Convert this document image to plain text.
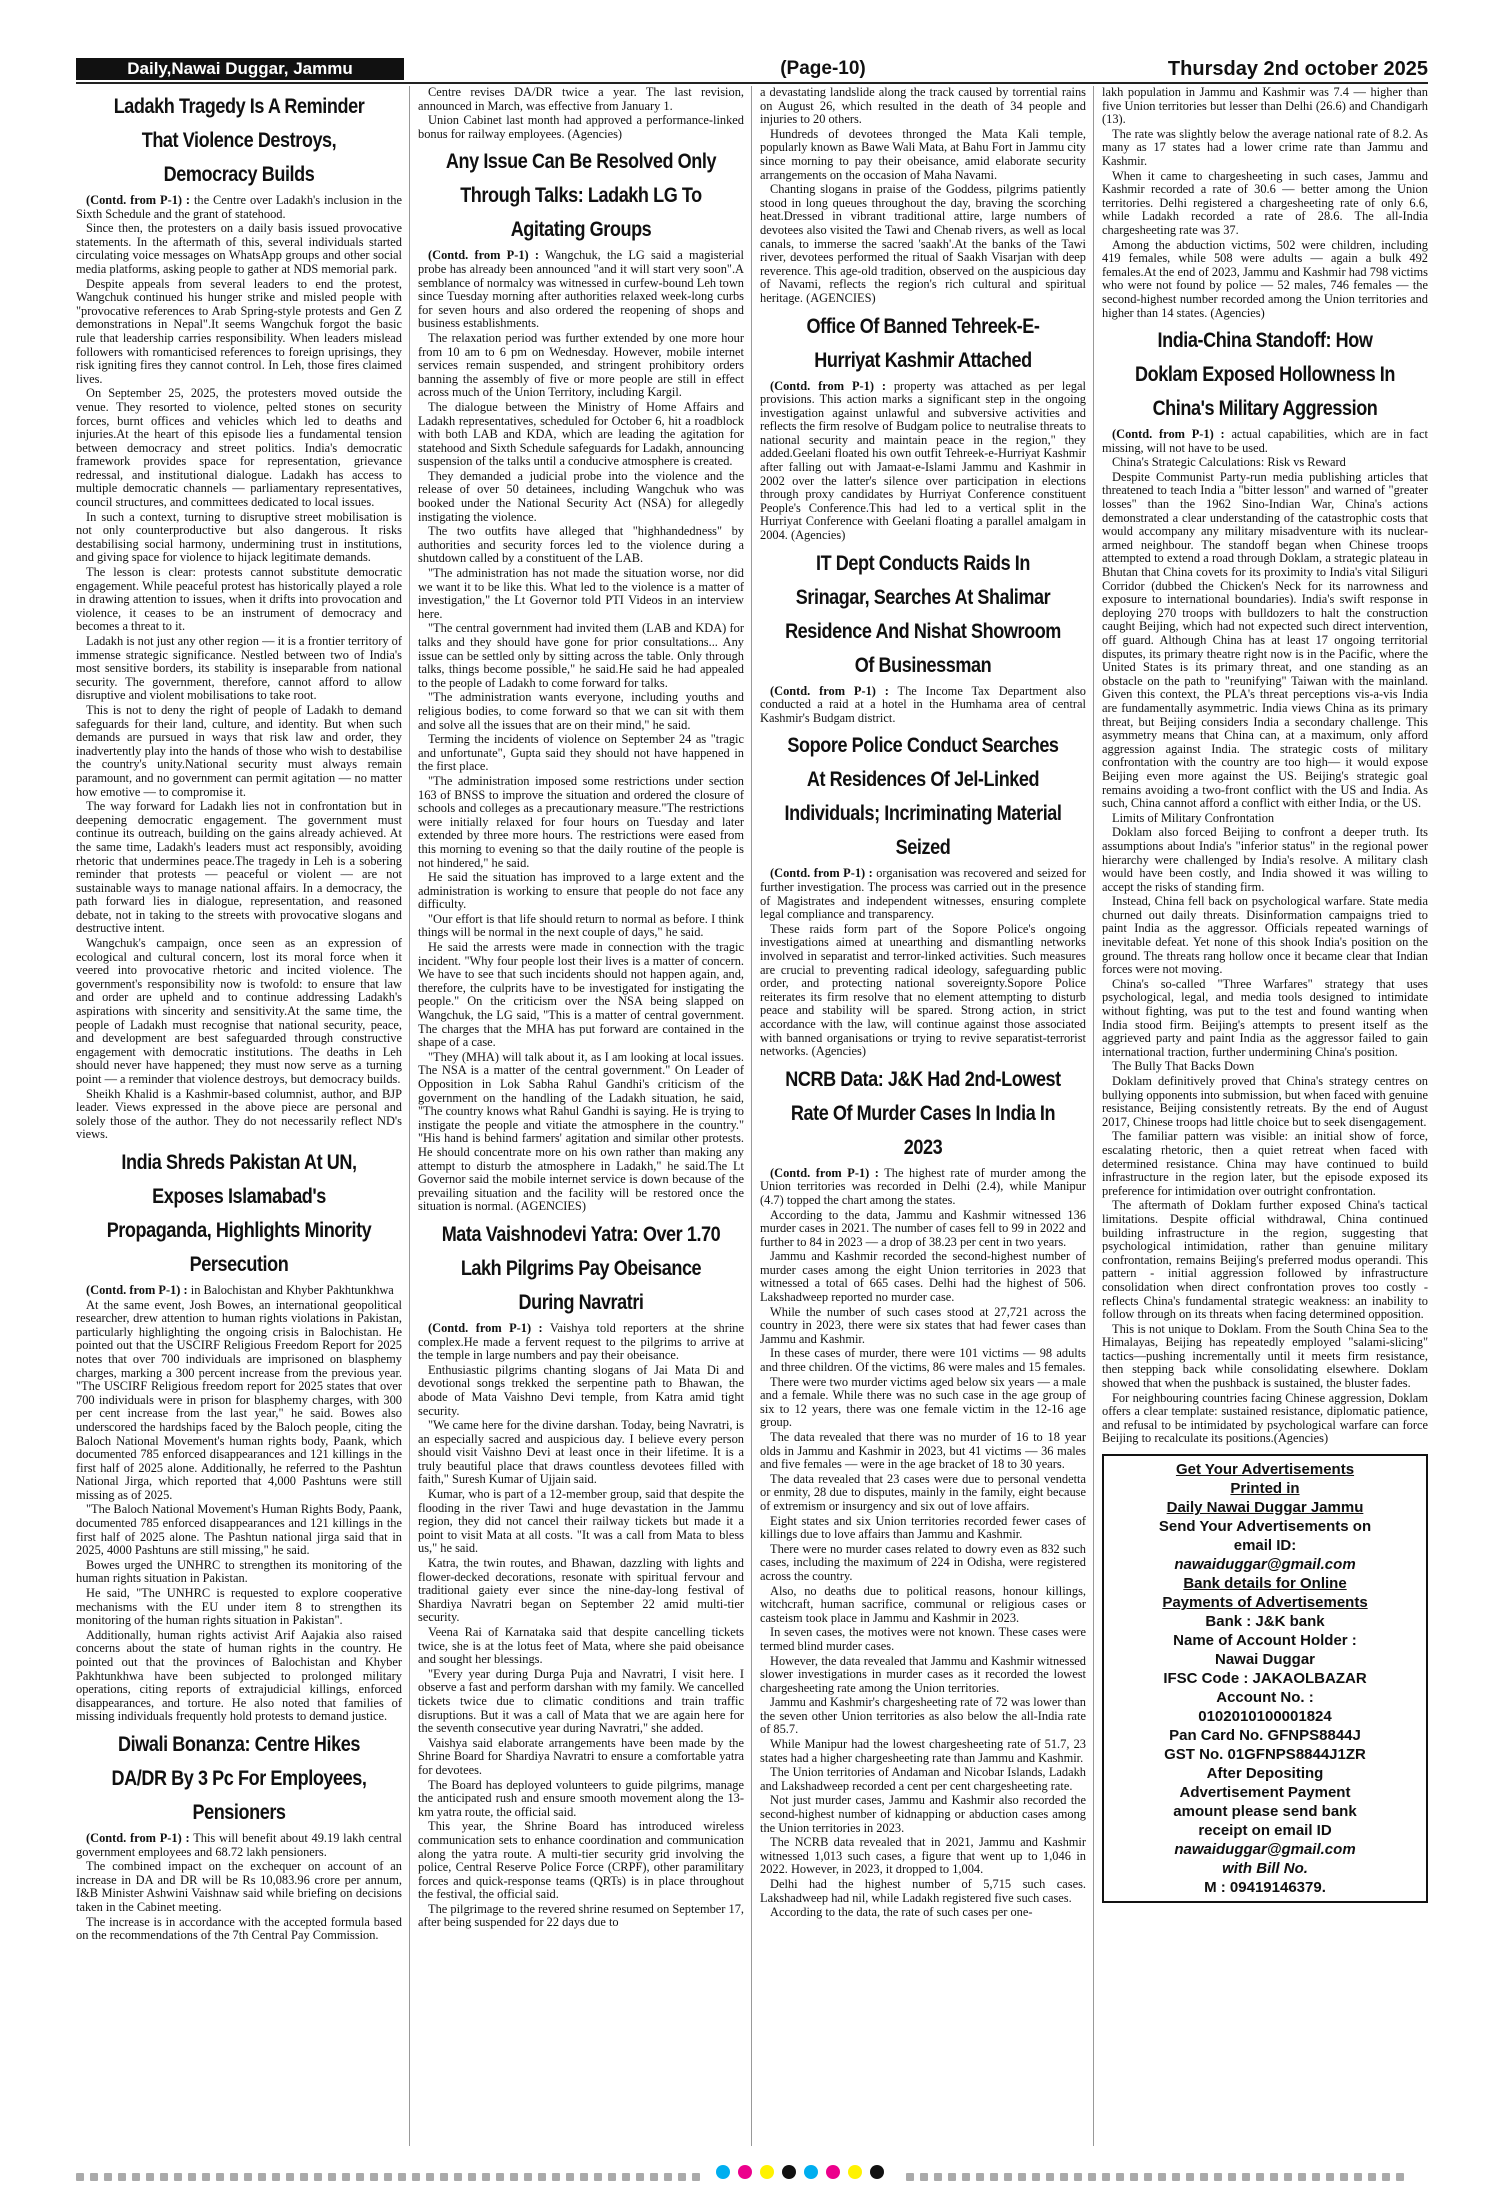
Daily,Nawai Duggar, Jammu	(Page-10)	Thursday 2nd october 2025
Ladakh Tragedy Is A Reminder That Violence Destroys, Democracy Builds

(Contd. from P-1) : the Centre over Ladakh's inclusion in the Sixth Schedule and the grant of statehood.

Since then, the protesters on a daily basis issued provocative statements. In the aftermath of this, several individuals started circulating voice messages on WhatsApp groups and other social media platforms, asking people to gather at NDS memorial park.

Despite appeals from several leaders to end the protest, Wangchuk continued his hunger strike and misled people with "provocative references to Arab Spring-style protests and Gen Z demonstrations in Nepal".It seems Wangchuk forgot the basic rule that leadership carries responsibility. When leaders mislead followers with romanticised references to foreign uprisings, they risk igniting fires they cannot control. In Leh, those fires claimed lives.

On September 25, 2025, the protesters moved outside the venue. They resorted to violence, pelted stones on security forces, burnt offices and vehicles which led to deaths and injuries.At the heart of this episode lies a fundamental tension between democracy and street politics. India's democratic framework provides space for representation, grievance redressal, and institutional dialogue. Ladakh has access to multiple democratic channels — parliamentary representatives, council structures, and committees dedicated to local issues.

In such a context, turning to disruptive street mobilisation is not only counterproductive but also dangerous. It risks destabilising social harmony, undermining trust in institutions, and giving space for violence to hijack legitimate demands.

The lesson is clear: protests cannot substitute democratic engagement. While peaceful protest has historically played a role in drawing attention to issues, when it drifts into provocation and violence, it ceases to be an instrument of democracy and becomes a threat to it.

Ladakh is not just any other region — it is a frontier territory of immense strategic significance. Nestled between two of India's most sensitive borders, its stability is inseparable from national security. The government, therefore, cannot afford to allow disruptive and violent mobilisations to take root.

This is not to deny the right of people of Ladakh to demand safeguards for their land, culture, and identity. But when such demands are pursued in ways that risk law and order, they inadvertently play into the hands of those who wish to destabilise the country's unity.National security must always remain paramount, and no government can permit agitation — no matter how emotive — to compromise it.

The way forward for Ladakh lies not in confrontation but in deepening democratic engagement. The government must continue its outreach, building on the gains already achieved. At the same time, Ladakh's leaders must act responsibly, avoiding rhetoric that undermines peace.The tragedy in Leh is a sobering reminder that protests — peaceful or violent — are not sustainable ways to manage national affairs. In a democracy, the path forward lies in dialogue, representation, and reasoned debate, not in taking to the streets with provocative slogans and destructive intent.

Wangchuk's campaign, once seen as an expression of ecological and cultural concern, lost its moral force when it veered into provocative rhetoric and incited violence. The government's responsibility now is twofold: to ensure that law and order are upheld and to continue addressing Ladakh's aspirations with sincerity and sensitivity.At the same time, the people of Ladakh must recognise that national security, peace, and development are best safeguarded through constructive engagement with democratic institutions. The deaths in Leh should never have happened; they must now serve as a turning point — a reminder that violence destroys, but democracy builds.

Sheikh Khalid is a Kashmir-based columnist, author, and BJP leader. Views expressed in the above piece are personal and solely those of the author. They do not necessarily reflect ND's views.

India Shreds Pakistan At UN, Exposes Islamabad's Propaganda, Highlights Minority Persecution

(Contd. from P-1) : in Balochistan and Khyber Pakhtunkhwa

At the same event, Josh Bowes, an international geopolitical researcher, drew attention to human rights violations in Pakistan, particularly highlighting the ongoing crisis in Balochistan. He pointed out that the USCIRF Religious Freedom Report for 2025 notes that over 700 individuals are imprisoned on blasphemy charges, marking a 300 percent increase from the previous year. "The USCIRF Religious freedom report for 2025 states that over 700 individuals were in prison for blasphemy charges, with 300 per cent increase from the last year," he said. Bowes also underscored the hardships faced by the Baloch people, citing the Baloch National Movement's human rights body, Paank, which documented 785 enforced disappearances and 121 killings in the first half of 2025 alone. Additionally, he referred to the Pashtun National Jirga, which reported that 4,000 Pashtuns were still missing as of 2025.

"The Baloch National Movement's Human Rights Body, Paank, documented 785 enforced disappearances and 121 killings in the first half of 2025 alone. The Pashtun national jirga said that in 2025, 4000 Pashtuns are still missing," he said.

Bowes urged the UNHRC to strengthen its monitoring of the human rights situation in Pakistan.

He said, "The UNHRC is requested to explore cooperative mechanisms with the EU under item 8 to strengthen its monitoring of the human rights situation in Pakistan".

Additionally, human rights activist Arif Aajakia also raised concerns about the state of human rights in the country. He pointed out that the provinces of Balochistan and Khyber Pakhtunkhwa have been subjected to prolonged military operations, citing reports of extrajudicial killings, enforced disappearances, and torture. He also noted that families of missing individuals frequently hold protests to demand justice.

Diwali Bonanza: Centre Hikes DA/DR By 3 Pc For Employees, Pensioners

(Contd. from P-1) : This will benefit about 49.19 lakh central government employees and 68.72 lakh pensioners.

The combined impact on the exchequer on account of an increase in DA and DR will be Rs 10,083.96 crore per annum, I&B Minister Ashwini Vaishnaw said while briefing on decisions taken in the Cabinet meeting.

The increase is in accordance with the accepted formula based on the recommendations of the 7th Central Pay Commission.

Centre revises DA/DR twice a year. The last revision, announced in March, was effective from January 1.

Union Cabinet last month had approved a performance-linked bonus for railway employees. (Agencies)

Any Issue Can Be Resolved Only Through Talks: Ladakh LG To Agitating Groups

(Contd. from P-1) : Wangchuk, the LG said a magisterial probe has already been announced "and it will start very soon".A semblance of normalcy was witnessed in curfew-bound Leh town since Tuesday morning after authorities relaxed week-long curbs for seven hours and also ordered the reopening of shops and business establishments.

The relaxation period was further extended by one more hour from 10 am to 6 pm on Wednesday. However, mobile internet services remain suspended, and stringent prohibitory orders banning the assembly of five or more people are still in effect across much of the Union Territory, including Kargil.

The dialogue between the Ministry of Home Affairs and Ladakh representatives, scheduled for October 6, hit a roadblock with both LAB and KDA, which are leading the agitation for statehood and Sixth Schedule safeguards for Ladakh, announcing suspension of the talks until a conducive atmosphere is created.

They demanded a judicial probe into the violence and the release of over 50 detainees, including Wangchuk who was booked under the National Security Act (NSA) for allegedly instigating the violence.

The two outfits have alleged that "highhandedness" by authorities and security forces led to the violence during a shutdown called by a constituent of the LAB.

"The administration has not made the situation worse, nor did we want it to be like this. What led to the violence is a matter of investigation," the Lt Governor told PTI Videos in an interview here.

"The central government had invited them (LAB and KDA) for talks and they should have gone for prior consultations... Any issue can be settled only by sitting across the table. Only through talks, things become possible," he said.He said he had appealed to the people of Ladakh to come forward for talks.

"The administration wants everyone, including youths and religious bodies, to come forward so that we can sit with them and solve all the issues that are on their mind," he said.

Terming the incidents of violence on September 24 as "tragic and unfortunate", Gupta said they should not have happened in the first place.

"The administration imposed some restrictions under section 163 of BNSS to improve the situation and ordered the closure of schools and colleges as a precautionary measure."The restrictions were initially relaxed for four hours on Tuesday and later extended by three more hours. The restrictions were eased from this morning to evening so that the daily routine of the people is not hindered," he said.

He said the situation has improved to a large extent and the administration is working to ensure that people do not face any difficulty.

"Our effort is that life should return to normal as before. I think things will be normal in the next couple of days," he said.

He said the arrests were made in connection with the tragic incident. "Why four people lost their lives is a matter of concern. We have to see that such incidents should not happen again, and, therefore, the culprits have to be investigated for instigating the people." On the criticism over the NSA being slapped on Wangchuk, the LG said, "This is a matter of central government. The charges that the MHA has put forward are contained in the shape of a case.

"They (MHA) will talk about it, as I am looking at local issues. The NSA is a matter of the central government." On Leader of Opposition in Lok Sabha Rahul Gandhi's criticism of the government on the handling of the Ladakh situation, he said, "The country knows what Rahul Gandhi is saying. He is trying to instigate the people and vitiate the atmosphere in the country." "His hand is behind farmers' agitation and similar other protests. He should concentrate more on his own rather than making any attempt to disturb the atmosphere in Ladakh," he said.The Lt Governor said the mobile internet service is down because of the prevailing situation and the facility will be restored once the situation is normal. (AGENCIES)

Mata Vaishnodevi Yatra: Over 1.70 Lakh Pilgrims Pay Obeisance During Navratri

(Contd. from P-1) : Vaishya told reporters at the shrine complex.He made a fervent request to the pilgrims to arrive at the temple in large numbers and pay their obeisance.

Enthusiastic pilgrims chanting slogans of Jai Mata Di and devotional songs trekked the serpentine path to Bhawan, the abode of Mata Vaishno Devi temple, from Katra amid tight security.

"We came here for the divine darshan. Today, being Navratri, is an especially sacred and auspicious day. I believe every person should visit Vaishno Devi at least once in their lifetime. It is a truly beautiful place that draws countless devotees filled with faith," Suresh Kumar of Ujjain said.

Kumar, who is part of a 12-member group, said that despite the flooding in the river Tawi and huge devastation in the Jammu region, they did not cancel their railway tickets but made it a point to visit Mata at all costs. "It was a call from Mata to bless us," he said.

Katra, the twin routes, and Bhawan, dazzling with lights and flower-decked decorations, resonate with spiritual fervour and traditional gaiety ever since the nine-day-long festival of Shardiya Navratri began on September 22 amid multi-tier security.

Veena Rai of Karnataka said that despite cancelling tickets twice, she is at the lotus feet of Mata, where she paid obeisance and sought her blessings.

"Every year during Durga Puja and Navratri, I visit here. I observe a fast and perform darshan with my family. We cancelled tickets twice due to climatic conditions and train traffic disruptions. But it was a call of Mata that we are again here for the seventh consecutive year during Navratri," she added.

Vaishya said elaborate arrangements have been made by the Shrine Board for Shardiya Navratri to ensure a comfortable yatra for devotees.

The Board has deployed volunteers to guide pilgrims, manage the anticipated rush and ensure smooth movement along the 13-km yatra route, the official said.

This year, the Shrine Board has introduced wireless communication sets to enhance coordination and communication along the yatra route. A multi-tier security grid involving the police, Central Reserve Police Force (CRPF), other paramilitary forces and quick-response teams (QRTs) is in place throughout the festival, the official said.

The pilgrimage to the revered shrine resumed on September 17, after being suspended for 22 days due to

a devastating landslide along the track caused by torrential rains on August 26, which resulted in the death of 34 people and injuries to 20 others.

Hundreds of devotees thronged the Mata Kali temple, popularly known as Bawe Wali Mata, at Bahu Fort in Jammu city since morning to pay their obeisance, amid elaborate security arrangements on the occasion of Maha Navami.

Chanting slogans in praise of the Goddess, pilgrims patiently stood in long queues throughout the day, braving the scorching heat.Dressed in vibrant traditional attire, large numbers of devotees also visited the Tawi and Chenab rivers, as well as local canals, to immerse the sacred 'saakh'.At the banks of the Tawi river, devotees performed the ritual of Saakh Visarjan with deep reverence. This age-old tradition, observed on the auspicious day of Navami, reflects the region's rich cultural and spiritual heritage. (AGENCIES)

Office Of Banned Tehreek-E-Hurriyat Kashmir Attached

(Contd. from P-1) : property was attached as per legal provisions. This action marks a significant step in the ongoing investigation against unlawful and subversive activities and reflects the firm resolve of Budgam police to neutralise threats to national security and maintain peace in the region," they added.Geelani floated his own outfit Tehreek-e-Hurriyat Kashmir after falling out with Jamaat-e-Islami Jammu and Kashmir in 2002 over the latter's silence over participation in elections through proxy candidates by Hurriyat Conference constituent People's Conference.This had led to a vertical split in the Hurriyat Conference with Geelani floating a parallel amalgam in 2004. (Agencies)

IT Dept Conducts Raids In Srinagar, Searches At Shalimar Residence And Nishat Showroom Of Businessman

(Contd. from P-1) : The Income Tax Department also conducted a raid at a hotel in the Humhama area of central Kashmir's Budgam district.

Sopore Police Conduct Searches At Residences Of Jel-Linked Individuals; Incriminating Material Seized

(Contd. from P-1) : organisation was recovered and seized for further investigation. The process was carried out in the presence of Magistrates and independent witnesses, ensuring complete legal compliance and transparency.

These raids form part of the Sopore Police's ongoing investigations aimed at unearthing and dismantling networks involved in separatist and terror-linked activities. Such measures are crucial to preventing radical ideology, safeguarding public order, and protecting national sovereignty.Sopore Police reiterates its firm resolve that no element attempting to disturb peace and stability will be spared. Strong action, in strict accordance with the law, will continue against those associated with banned organisations or trying to revive separatist-terrorist networks. (Agencies)

NCRB Data: J&K Had 2nd-Lowest Rate Of Murder Cases In India In 2023

(Contd. from P-1) : The highest rate of murder among the Union territories was recorded in Delhi (2.4), while Manipur (4.7) topped the chart among the states.

According to the data, Jammu and Kashmir witnessed 136 murder cases in 2021. The number of cases fell to 99 in 2022 and further to 84 in 2023 — a drop of 38.23 per cent in two years.

Jammu and Kashmir recorded the second-highest number of murder cases among the eight Union territories in 2023 that witnessed a total of 665 cases. Delhi had the highest of 506. Lakshadweep reported no murder case.

While the number of such cases stood at 27,721 across the country in 2023, there were six states that had fewer cases than Jammu and Kashmir.

In these cases of murder, there were 101 victims — 98 adults and three children. Of the victims, 86 were males and 15 females.

There were two murder victims aged below six years — a male and a female. While there was no such case in the age group of six to 12 years, there was one female victim in the 12-16 age group.

The data revealed that there was no murder of 16 to 18 year olds in Jammu and Kashmir in 2023, but 41 victims — 36 males and five females — were in the age bracket of 18 to 30 years.

The data revealed that 23 cases were due to personal vendetta or enmity, 28 due to disputes, mainly in the family, eight because of extremism or insurgency and six out of love affairs.

Eight states and six Union territories recorded fewer cases of killings due to love affairs than Jammu and Kashmir.

There were no murder cases related to dowry even as 832 such cases, including the maximum of 224 in Odisha, were registered across the country.

Also, no deaths due to political reasons, honour killings, witchcraft, human sacrifice, communal or religious cases or casteism took place in Jammu and Kashmir in 2023.

In seven cases, the motives were not known. These cases were termed blind murder cases.

However, the data revealed that Jammu and Kashmir witnessed slower investigations in murder cases as it recorded the lowest chargesheeting rate among the Union territories.

Jammu and Kashmir's chargesheeting rate of 72 was lower than the seven other Union territories as also below the all-India rate of 85.7.

While Manipur had the lowest chargesheeting rate of 51.7, 23 states had a higher chargesheeting rate than Jammu and Kashmir.

The Union territories of Andaman and Nicobar Islands, Ladakh and Lakshadweep recorded a cent per cent chargesheeting rate.

Not just murder cases, Jammu and Kashmir also recorded the second-highest number of kidnapping or abduction cases among the Union territories in 2023.

The NCRB data revealed that in 2021, Jammu and Kashmir witnessed 1,013 such cases, a figure that went up to 1,046 in 2022. However, in 2023, it dropped to 1,004.

Delhi had the highest number of 5,715 such cases. Lakshadweep had nil, while Ladakh registered five such cases.

According to the data, the rate of such cases per one-

lakh population in Jammu and Kashmir was 7.4 — higher than five Union territories but lesser than Delhi (26.6) and Chandigarh (13).

The rate was slightly below the average national rate of 8.2. As many as 17 states had a lower crime rate than Jammu and Kashmir.

When it came to chargesheeting in such cases, Jammu and Kashmir recorded a rate of 30.6 — better among the Union territories. Delhi registered a chargesheeting rate of only 6.6, while Ladakh recorded a rate of 28.6. The all-India chargesheeting rate was 37.

Among the abduction victims, 502 were children, including 419 females, while 508 were adults — again a bulk 492 females.At the end of 2023, Jammu and Kashmir had 798 victims who were not found by police — 52 males, 746 females — the second-highest number recorded among the Union territories and higher than 14 states. (Agencies)

India-China Standoff: How Doklam Exposed Hollowness In China's Military Aggression

(Contd. from P-1) : actual capabilities, which are in fact missing, will not have to be used.

China's Strategic Calculations: Risk vs Reward

Despite Communist Party-run media publishing articles that threatened to teach India a "bitter lesson" and warned of "greater losses" than the 1962 Sino-Indian War, China's actions demonstrated a clear understanding of the catastrophic costs that would accompany any military misadventure with its nuclear-armed neighbour. The standoff began when Chinese troops attempted to extend a road through Doklam, a strategic plateau in Bhutan that China covets for its proximity to India's vital Siliguri Corridor (dubbed the Chicken's Neck for its narrowness and exposure to international boundaries). India's swift response in deploying 270 troops with bulldozers to halt the construction caught Beijing, which had not expected such direct intervention, off guard. Although China has at least 17 ongoing territorial disputes, its primary theatre right now is in the Pacific, where the United States is its primary threat, and one standing as an obstacle on the path to "reunifying" Taiwan with the mainland. Given this context, the PLA's threat perceptions vis-a-vis India are fundamentally asymmetric. India views China as its primary threat, but Beijing considers India a secondary challenge. This asymmetry means that China can, at a maximum, only afford aggression against India. The strategic costs of military confrontation with the country are too high— it would expose Beijing even more against the US. Beijing's strategic goal remains avoiding a two-front conflict with the US and India. As such, China cannot afford a conflict with either India, or the US.

Limits of Military Confrontation

Doklam also forced Beijing to confront a deeper truth. Its assumptions about India's "inferior status" in the regional power hierarchy were challenged by India's resolve. A military clash would have been costly, and India showed it was willing to accept the risks of standing firm.

Instead, China fell back on psychological warfare. State media churned out daily threats. Disinformation campaigns tried to paint India as the aggressor. Officials repeated warnings of inevitable defeat. Yet none of this shook India's position on the ground. The threats rang hollow once it became clear that Indian forces were not moving.

China's so-called "Three Warfares" strategy that uses psychological, legal, and media tools designed to intimidate without fighting, was put to the test and found wanting when India stood firm. Beijing's attempts to present itself as the aggrieved party and paint India as the aggressor failed to gain international traction, further undermining China's position.

The Bully That Backs Down

Doklam definitively proved that China's strategy centres on bullying opponents into submission, but when faced with genuine resistance, Beijing consistently retreats. By the end of August 2017, Chinese troops had little choice but to seek disengagement.

The familiar pattern was visible: an initial show of force, escalating rhetoric, then a quiet retreat when faced with determined resistance. China may have continued to build infrastructure in the region later, but the episode exposed its preference for intimidation over outright confrontation.

The aftermath of Doklam further exposed China's tactical limitations. Despite official withdrawal, China continued building infrastructure in the region, suggesting that psychological intimidation, rather than genuine military confrontation, remains Beijing's preferred modus operandi. This pattern - initial aggression followed by infrastructure consolidation when direct confrontation proves too costly - reflects China's fundamental strategic weakness: an inability to follow through on its threats when facing determined opposition.

This is not unique to Doklam. From the South China Sea to the Himalayas, Beijing has repeatedly employed "salami-slicing" tactics—pushing incrementally until it meets firm resistance, then stepping back while consolidating elsewhere. Doklam showed that when the pushback is sustained, the bluster fades.

For neighbouring countries facing Chinese aggression, Doklam offers a clear template: sustained resistance, diplomatic patience, and refusal to be intimidated by psychological warfare can force Beijing to recalculate its positions.(Agencies)

Get Your Advertisements
Printed in
Daily Nawai Duggar Jammu
Send Your Advertisements on
email ID:
nawaiduggar@gmail.com
Bank details for Online
Payments of Advertisements
Bank : J&K bank
Name of Account Holder :
Nawai Duggar
IFSC Code : JAKAOLBAZAR
Account No. :
0102010100001824
Pan Card No. GFNPS8844J
GST No. 01GFNPS8844J1ZR
After Depositing
Advertisement Payment
amount please send bank
receipt on email ID
nawaiduggar@gmail.com
with Bill No.
M : 09419146379.
